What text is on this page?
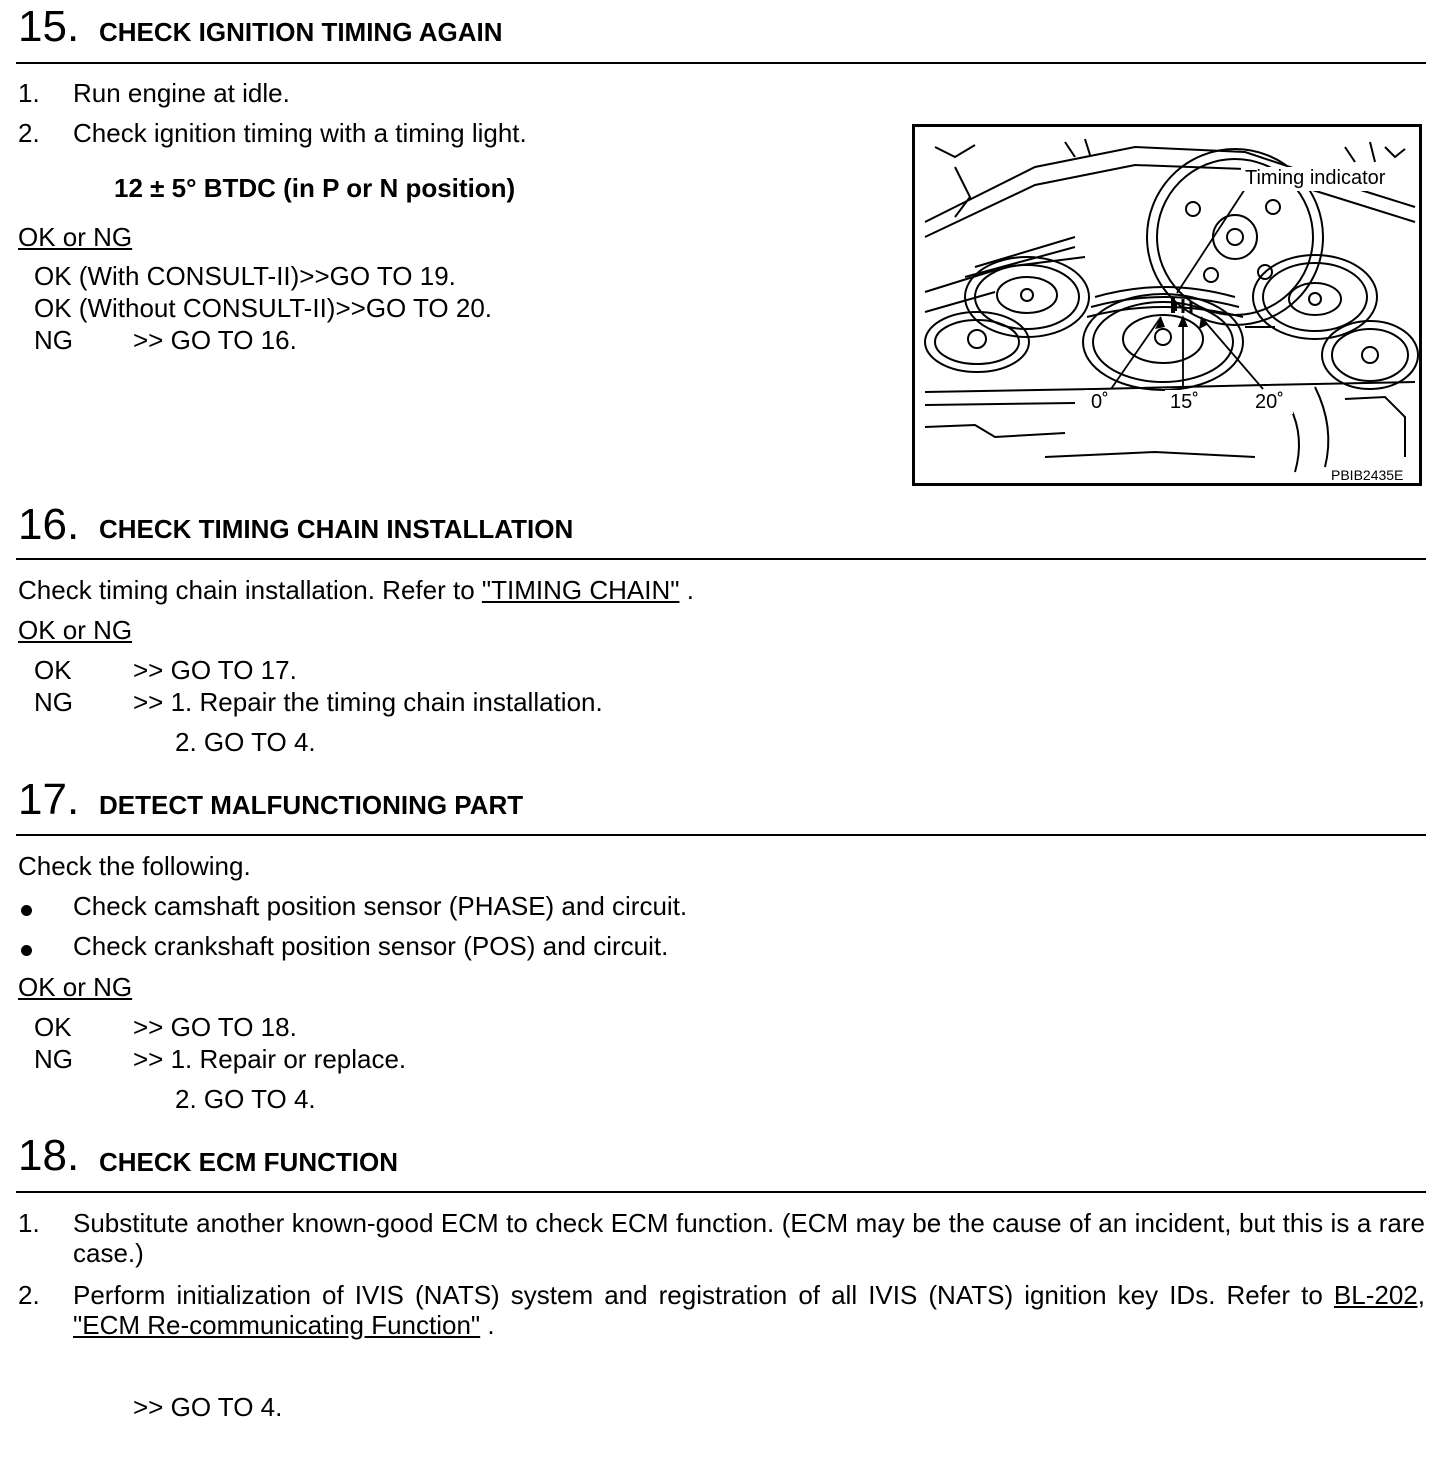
15. CHECK IGNITION TIMING AGAIN
1. Run engine at idle.
2. Check ignition timing with a timing light.
12 ± 5° BTDC (in P or N position)
OK or NG
OK (With CONSULT-II)>>GO TO 19.
OK (Without CONSULT-II)>>GO TO 20.
NG >> GO TO 16.
Timing indicator
0˚	15˚	20˚
PBIB2435E
16. CHECK TIMING CHAIN INSTALLATION
Check timing chain installation. Refer to "TIMING CHAIN" .
OK or NG
OK >> GO TO 17.
NG >> 1. Repair the timing chain installation.
2. GO TO 4.
17. DETECT MALFUNCTIONING PART
Check the following.
Check camshaft position sensor (PHASE) and circuit.
Check crankshaft position sensor (POS) and circuit.
OK or NG
OK >> GO TO 18.
NG >> 1. Repair or replace.
2. GO TO 4.
18. CHECK ECM FUNCTION
1. Substitute another known-good ECM to check ECM function. (ECM may be the cause of an incident, but this is a rare case.)
2. Perform initialization of IVIS (NATS) system and registration of all IVIS (NATS) ignition key IDs. Refer to BL-202, "ECM Re-communicating Function" .
>> GO TO 4.
